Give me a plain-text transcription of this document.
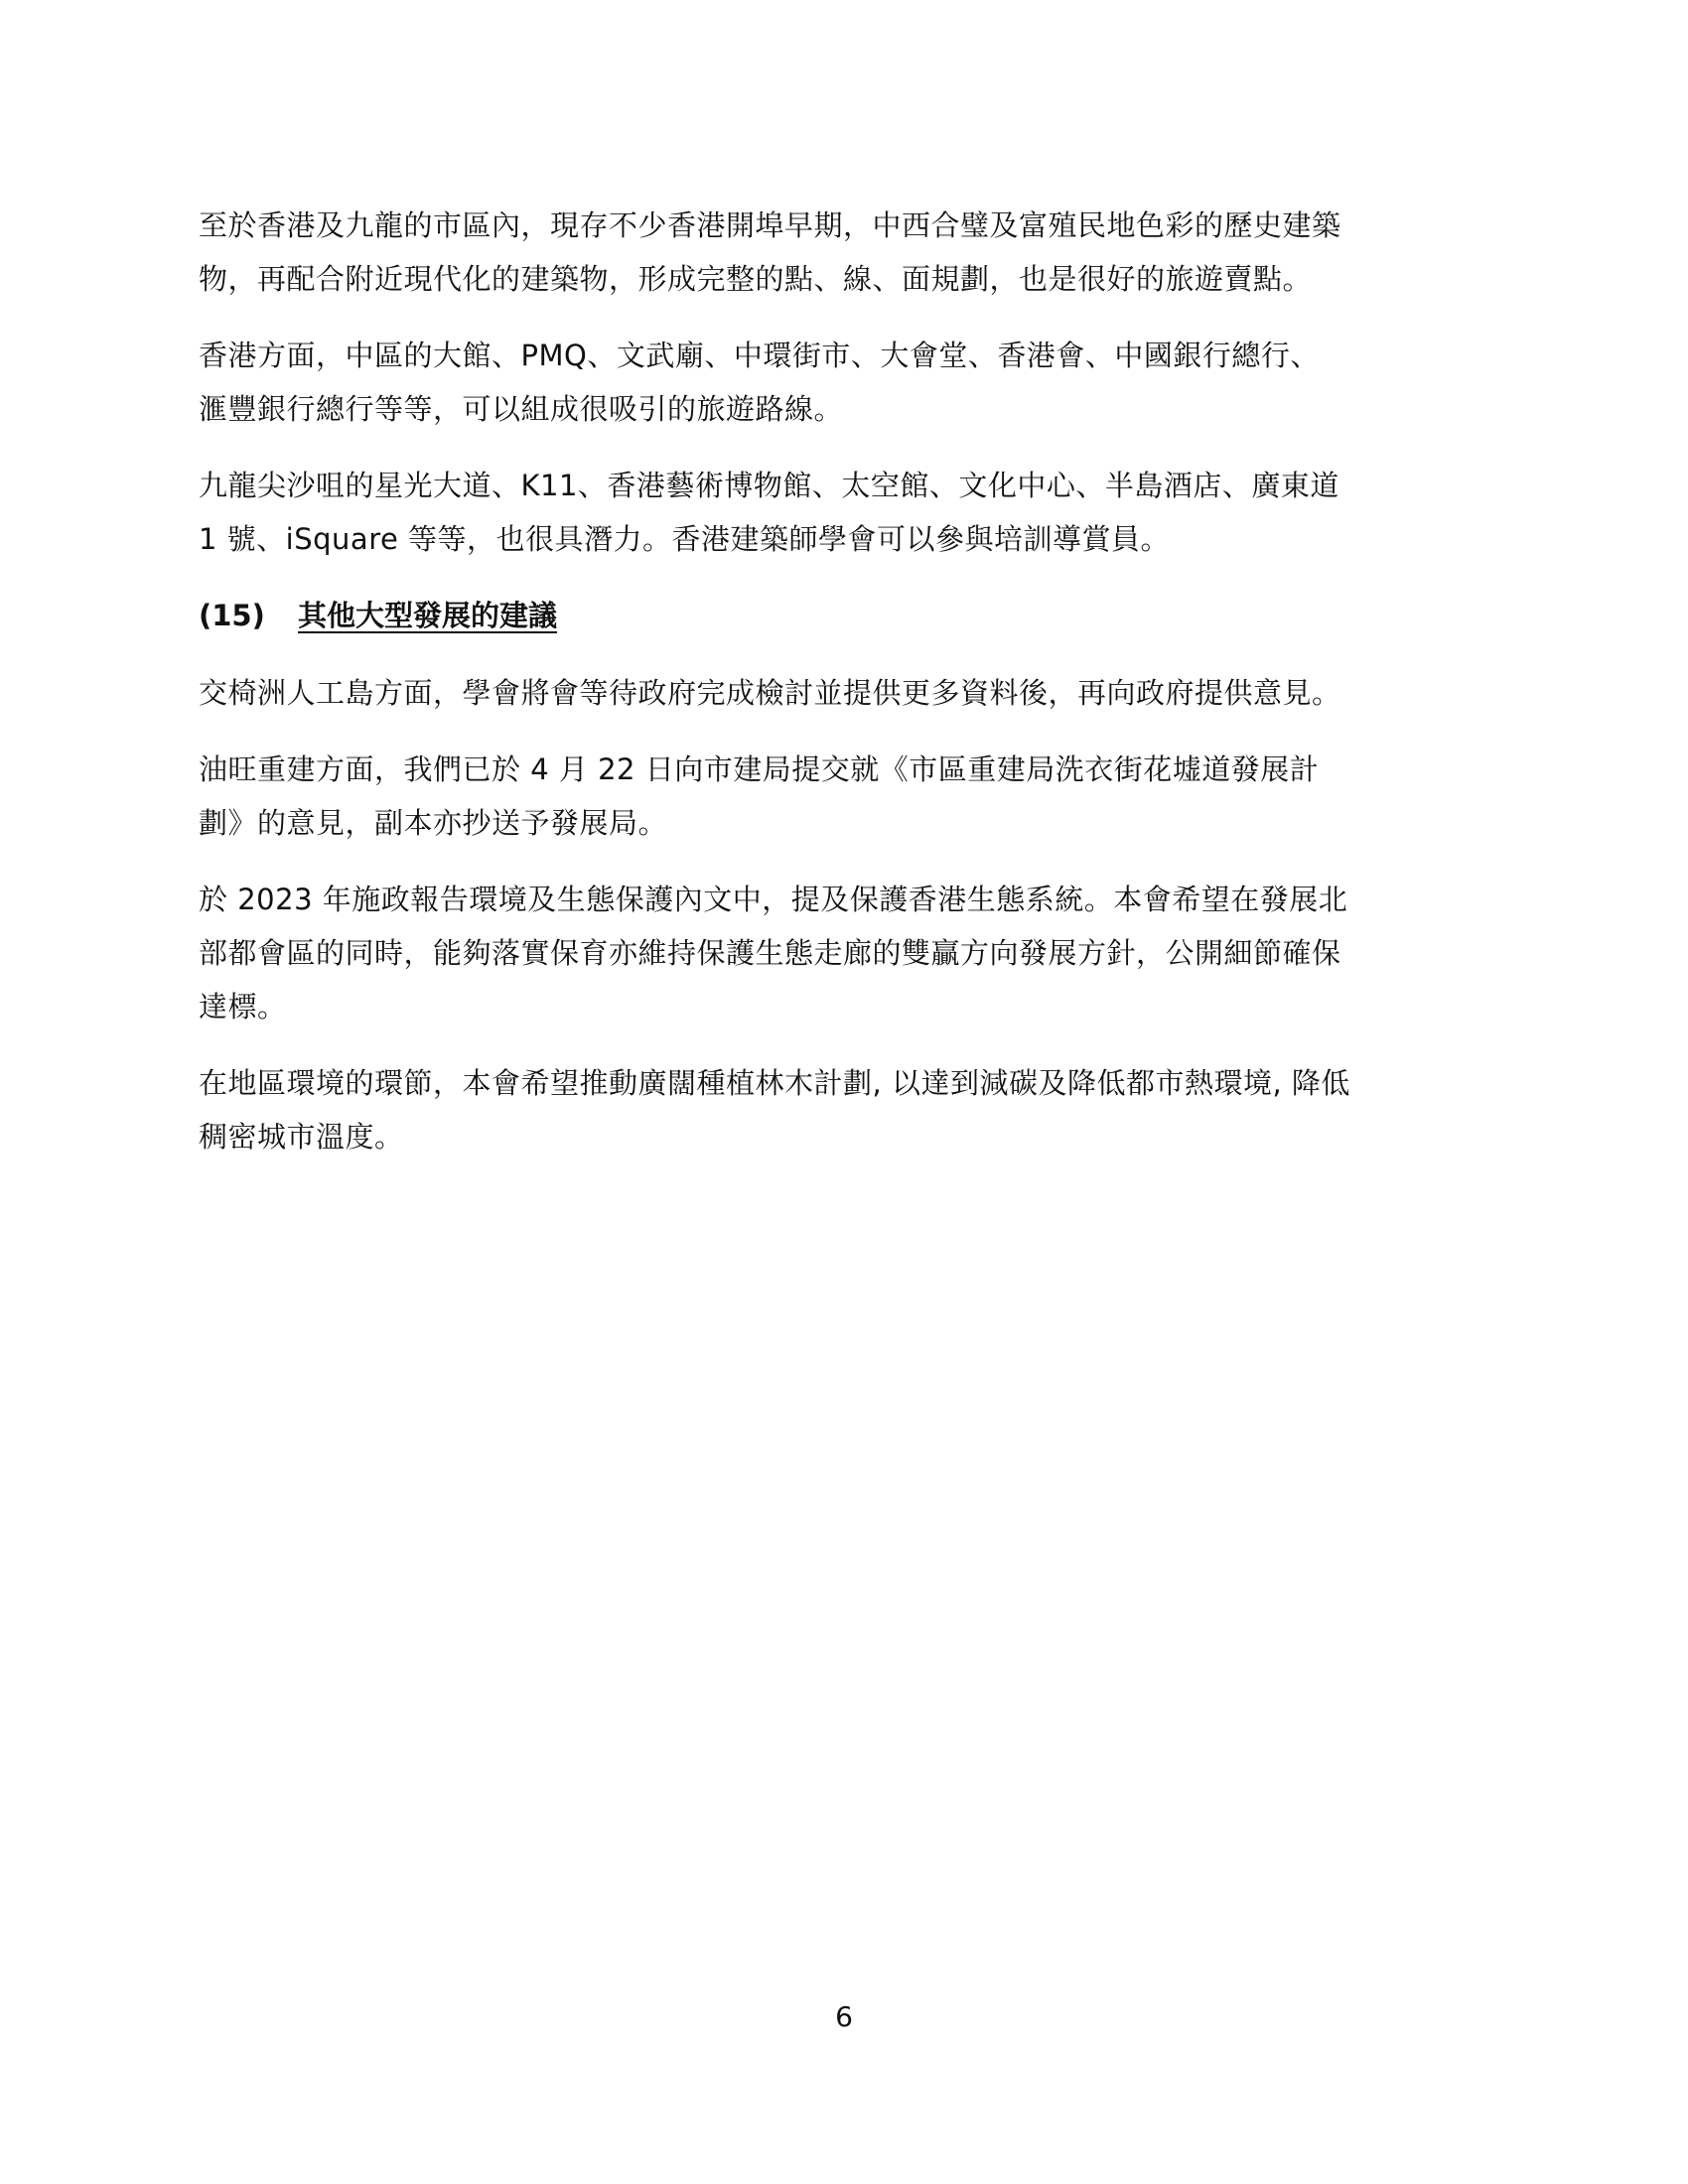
至於香港及九龍的市區內，現存不少香港開埠早期，中西合璧及富殖民地色彩的歷史建築
物，再配合附近現代化的建築物，形成完整的點、線、面規劃，也是很好的旅遊賣點。

香港方面，中區的大館、PMQ、文武廟、中環街市、大會堂、香港會、中國銀行總行、
滙豐銀行總行等等，可以組成很吸引的旅遊路線。

九龍尖沙咀的星光大道、K11、香港藝術博物館、太空館、文化中心、半島酒店、廣東道
1 號、iSquare 等等，也很具潛力。香港建築師學會可以參與培訓導賞員。

(15)	其他大型發展的建議

交椅洲人工島方面，學會將會等待政府完成檢討並提供更多資料後，再向政府提供意見。

油旺重建方面，我們已於 4 月 22 日向市建局提交就《市區重建局洗衣街花墟道發展計
劃》的意見，副本亦抄送予發展局。

於 2023 年施政報告環境及生態保護內文中，提及保護香港生態系統。本會希望在發展北
部都會區的同時，能夠落實保育亦維持保護生態走廊的雙贏方向發展方針，公開細節確保
達標。

在地區環境的環節，本會希望推動廣闊種植林木計劃, 以達到減碳及降低都市熱環境, 降低
稠密城市溫度。

6
